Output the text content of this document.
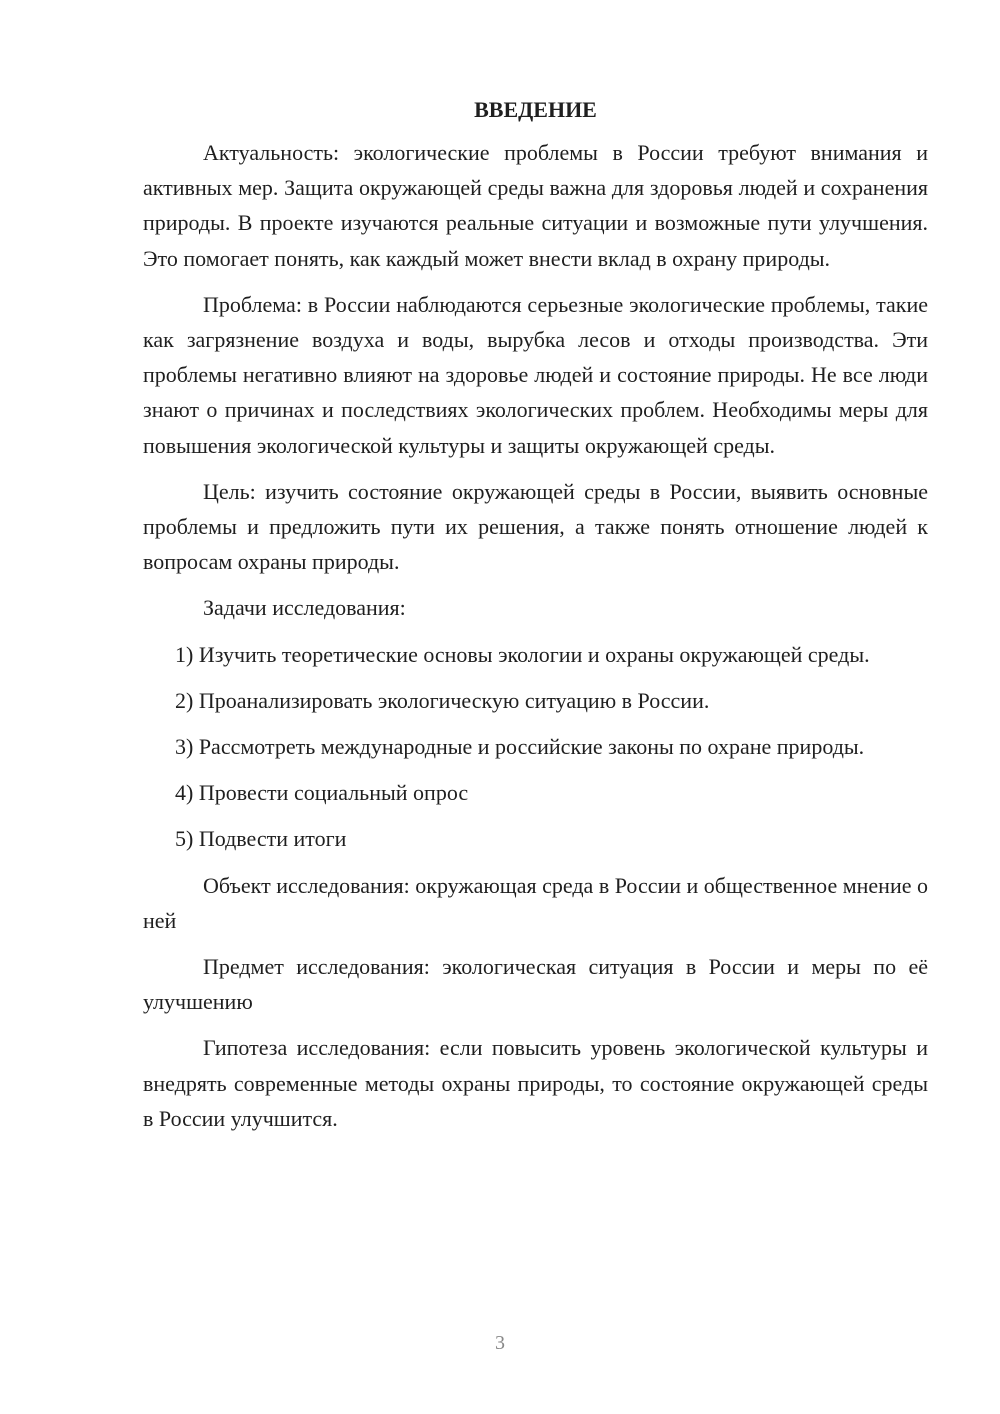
ВВЕДЕНИЕ

Актуальность: экологические проблемы в России требуют внимания и активных мер. Защита окружающей среды важна для здоровья людей и сохранения природы. В проекте изучаются реальные ситуации и возможные пути улучшения. Это помогает понять, как каждый может внести вклад в охрану природы.

Проблема: в России наблюдаются серьезные экологические проблемы, такие как загрязнение воздуха и воды, вырубка лесов и отходы производства. Эти проблемы негативно влияют на здоровье людей и состояние природы. Не все люди знают о причинах и последствиях экологических проблем. Необходимы меры для повышения экологической культуры и защиты окружающей среды.

Цель: изучить состояние окружающей среды в России, выявить основные проблемы и предложить пути их решения, а также понять отношение людей к вопросам охраны природы.

Задачи исследования:

1) Изучить теоретические основы экологии и охраны окружающей среды.

2) Проанализировать экологическую ситуацию в России.

3) Рассмотреть международные и российские законы по охране природы.

4) Провести социальный опрос

5) Подвести итоги

Объект исследования: окружающая среда в России и общественное мнение о ней

Предмет исследования: экологическая ситуация в России и меры по её улучшению

Гипотеза исследования: если повысить уровень экологической культуры и внедрять современные методы охраны природы, то состояние окружающей среды в России улучшится.

3
